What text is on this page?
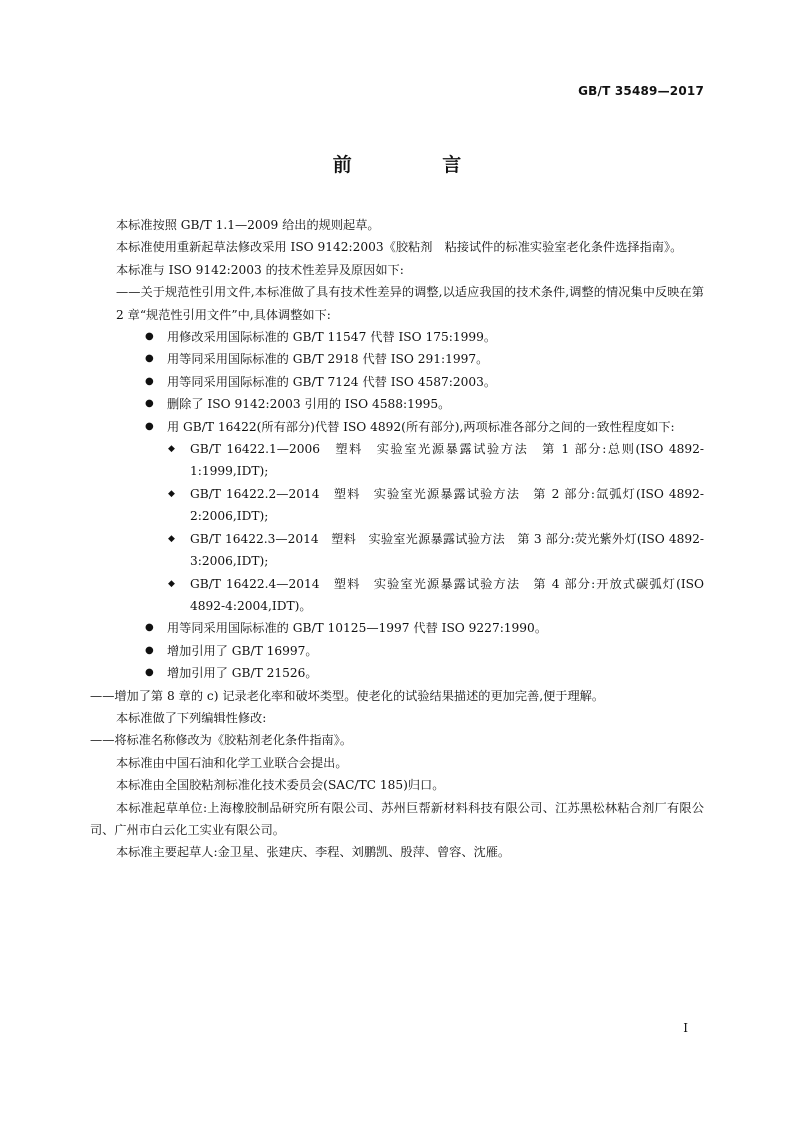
GB/T 35489—2017
前 言

本标准按照 GB/T 1.1—2009 给出的规则起草。

本标准使用重新起草法修改采用 ISO 9142:2003《胶粘剂　粘接试件的标准实验室老化条件选择指南》。

本标准与 ISO 9142:2003 的技术性差异及原因如下:

——关于规范性引用文件,本标准做了具有技术性差异的调整,以适应我国的技术条件,调整的情况集中反映在第 2 章“规范性引用文件”中,具体调整如下:

● 用修改采用国际标准的 GB/T 11547 代替 ISO 175:1999。
● 用等同采用国际标准的 GB/T 2918 代替 ISO 291:1997。
● 用等同采用国际标准的 GB/T 7124 代替 ISO 4587:2003。
● 删除了 ISO 9142:2003 引用的 ISO 4588:1995。
● 用 GB/T 16422(所有部分)代替 ISO 4892(所有部分),两项标准各部分之间的一致性程度如下:
◆ GB/T 16422.1—2006　塑料　实验室光源暴露试验方法　第 1 部分:总则(ISO 4892-1:1999,IDT);
◆ GB/T 16422.2—2014　塑料　实验室光源暴露试验方法　第 2 部分:氙弧灯(ISO 4892-2:2006,IDT);
◆ GB/T 16422.3—2014　塑料　实验室光源暴露试验方法　第 3 部分:荧光紫外灯(ISO 4892-3:2006,IDT);
◆ GB/T 16422.4—2014　塑料　实验室光源暴露试验方法　第 4 部分:开放式碳弧灯(ISO 4892-4:2004,IDT)。
● 用等同采用国际标准的 GB/T 10125—1997 代替 ISO 9227:1990。
● 增加引用了 GB/T 16997。
● 增加引用了 GB/T 21526。

——增加了第 8 章的 c) 记录老化率和破坏类型。使老化的试验结果描述的更加完善,便于理解。

本标准做了下列编辑性修改:

——将标准名称修改为《胶粘剂老化条件指南》。

本标准由中国石油和化学工业联合会提出。

本标准由全国胶粘剂标准化技术委员会(SAC/TC 185)归口。

本标准起草单位:上海橡胶制品研究所有限公司、苏州巨帮新材料科技有限公司、江苏黑松林粘合剂厂有限公司、广州市白云化工实业有限公司。

本标准主要起草人:金卫星、张建庆、李程、刘鹏凯、殷萍、曾容、沈雁。

I
